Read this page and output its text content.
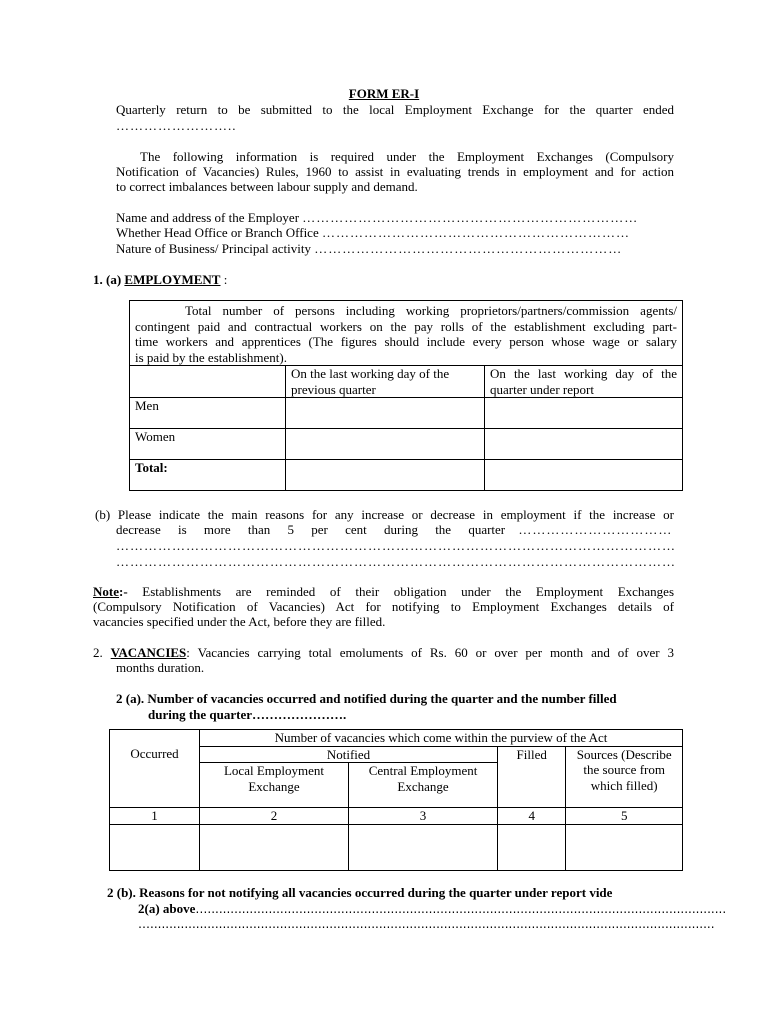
FORM ER-I
Quarterly return to be submitted to the local Employment Exchange for the quarter ended
……………………..
The following information is required under the Employment Exchanges (Compulsory
Notification of Vacancies) Rules, 1960 to assist in evaluating trends in employment and for action
to correct imbalances between labour supply and demand.
Name and address of the Employer ………………………………………………………………
Whether Head Office or Branch Office …………………………………………………………
Nature of Business/ Principal activity …………………………………………………………
1. (a) EMPLOYMENT :
Total number of persons including working proprietors/partners/commission agents/
contingent paid and contractual workers on the pay rolls of the establishment excluding part-
time workers and apprentices (The figures should include every person whose wage or salary
is paid by the establishment).		

	On the last working day of the previous quarter	On the last working day of the quarter under report
Men		
Women		
Total:		
(b) Please indicate the main reasons for any increase or decrease in employment if the increase or
decrease is more than 5 per cent during the quarter ……………………………
…………………………………………………………………………………………………………
…………………………………………………………………………………………………………
Note:- Establishments are reminded of their obligation under the Employment Exchanges
(Compulsory Notification of Vacancies) Act for notifying to Employment Exchanges details of
vacancies specified under the Act, before they are filled.
2. VACANCIES: Vacancies carrying total emoluments of Rs. 60 or over per month and of over 3
months duration.
2 (a). Number of vacancies occurred and notified during the quarter and the number filled
during the quarter………………….
	Number of vacancies which come within the purview of the Act			
Occurred	Notified		Filled	Sources (Describe the source from which filled)
	Local Employment Exchange	Central Employment Exchange		
1	2	3	4	5

2 (b). Reasons for not notifying all vacancies occurred during the quarter under report vide
2(a) above…........................................................................................................................................
…....................................................................................................................................................
